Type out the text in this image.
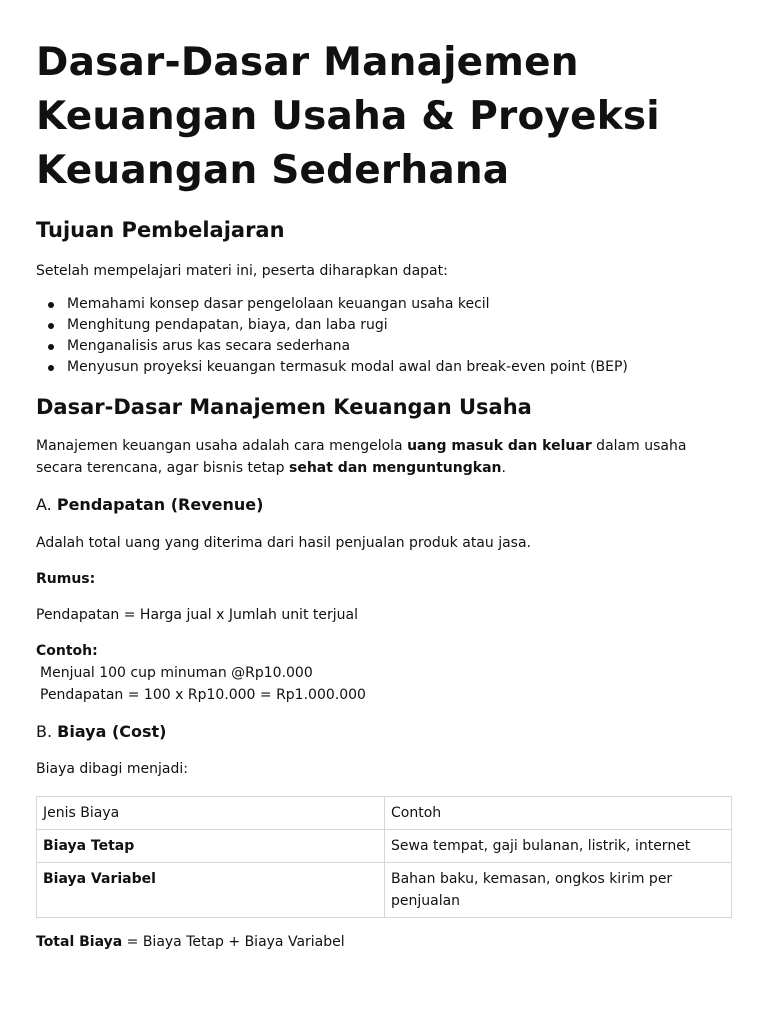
Dasar-Dasar Manajemen
Keuangan Usaha & Proyeksi
Keuangan Sederhana
Tujuan Pembelajaran

Setelah mempelajari materi ini, peserta diharapkan dapat:

Memahami konsep dasar pengelolaan keuangan usaha kecil
Menghitung pendapatan, biaya, dan laba rugi
Menganalisis arus kas secara sederhana
Menyusun proyeksi keuangan termasuk modal awal dan break-even point (BEP)
Dasar-Dasar Manajemen Keuangan Usaha

Manajemen keuangan usaha adalah cara mengelola uang masuk dan keluar dalam usaha secara terencana, agar bisnis tetap sehat dan menguntungkan.

A. Pendapatan (Revenue)

Adalah total uang yang diterima dari hasil penjualan produk atau jasa.

Rumus:

Pendapatan = Harga jual x Jumlah unit terjual

Contoh:

Menjual 100 cup minuman @Rp10.000

Pendapatan = 100 x Rp10.000 = Rp1.000.000

B. Biaya (Cost)

Biaya dibagi menjadi:

Jenis Biaya	Contoh
Biaya Tetap	Sewa tempat, gaji bulanan, listrik, internet
Biaya Variabel	Bahan baku, kemasan, ongkos kirim per penjualan

Total Biaya = Biaya Tetap + Biaya Variabel
